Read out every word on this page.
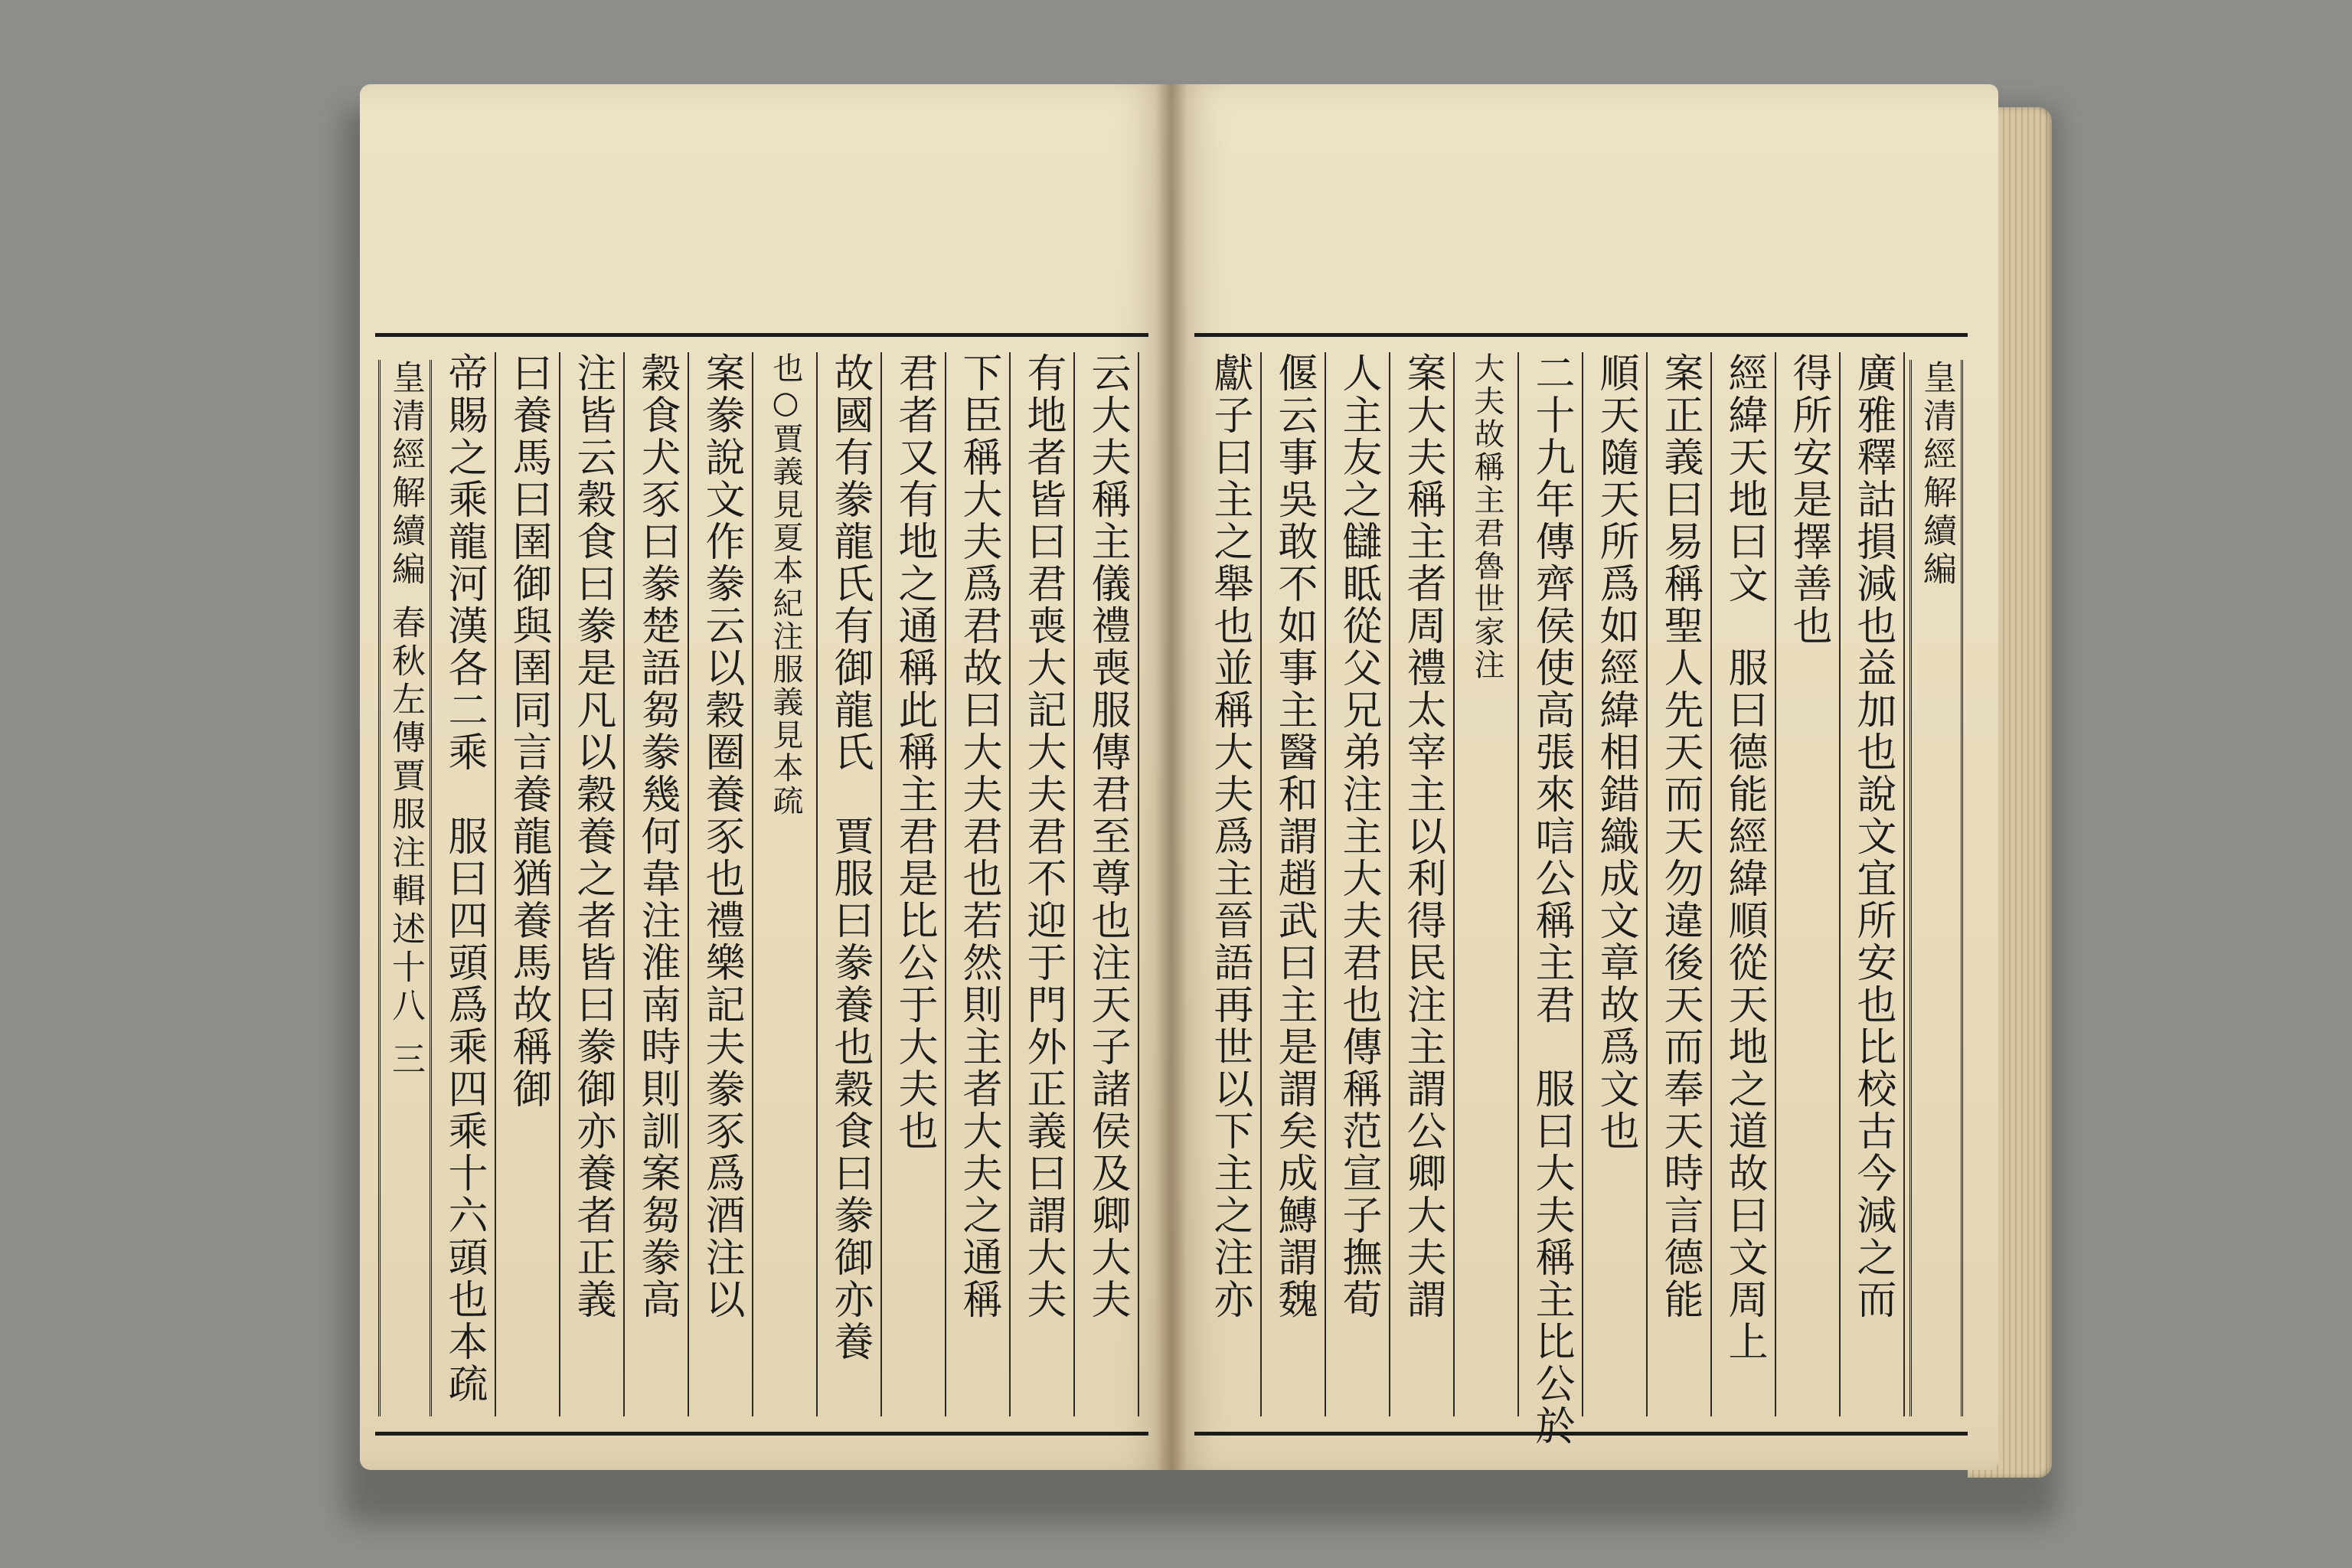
皇清經解續編 春秋左傳賈服注輯述十八 三 帝賜之乘龍河漢各二乘　服曰四頭爲乘四乘十六頭也本疏 曰養馬曰圉御與圉同言養龍猶養馬故稱御 注皆云穀食曰豢是凡以穀養之者皆曰豢御亦養者正義 穀食犬豕曰豢楚語芻豢幾何韋注淮南時則訓案芻豢高 案豢說文作豢云以穀圈養豕也禮樂記夫豢豕爲酒注以 也○賈義見夏本紀注服義見本疏 故國有豢龍氏有御龍氏　賈服曰豢養也穀食曰豢御亦養 君者又有地之通稱此稱主君是比公于大夫也 下臣稱大夫爲君故曰大夫君也若然則主者大夫之通稱 有地者皆曰君喪大記大夫君不迎于門外正義曰謂大夫 云大夫稱主儀禮喪服傳君至尊也注天子諸侯及卿大夫 獻子曰主之舉也並稱大夫爲主晉語再世以下主之注亦 偃云事吳敢不如事主醫和謂趙武曰主是謂矣成鱄謂魏 人主友之讎眡從父兄弟注主大夫君也傳稱范宣子撫荀 案大夫稱主者周禮太宰主以利得民注主謂公卿大夫謂 大夫故稱主君魯世家注 二十九年傳齊侯使高張來唁公稱主君　服曰大夫稱主比公於 順天隨天所爲如經緯相錯織成文章故爲文也 案正義曰易稱聖人先天而天勿違後天而奉天時言德能 經緯天地曰文　服曰德能經緯順從天地之道故曰文周上 得所安是擇善也 廣雅釋詁損減也益加也說文宜所安也比校古今減之而 皇清經解續編
